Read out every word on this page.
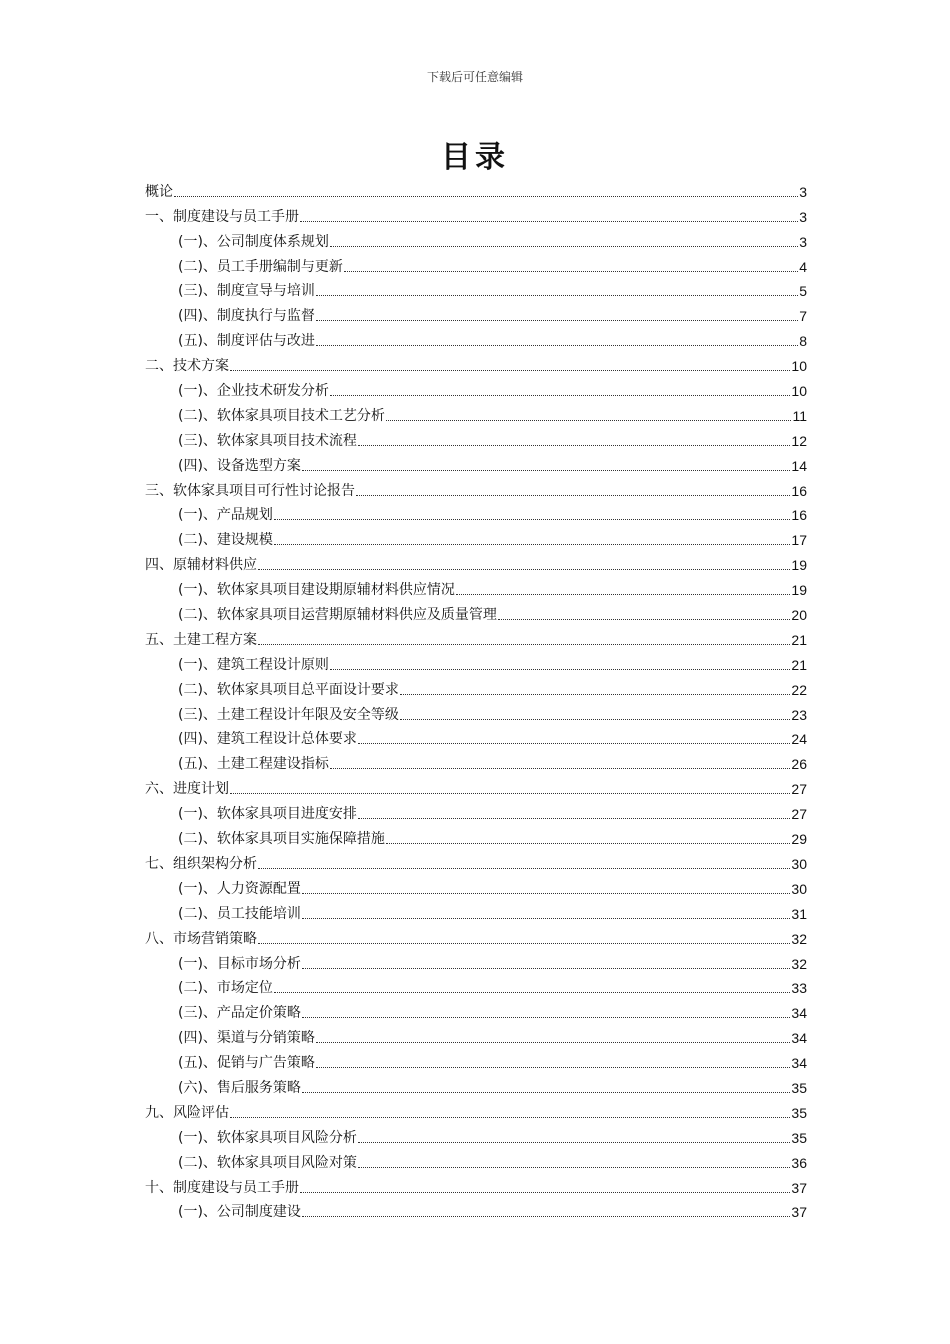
下载后可任意编辑
目录
概论	3
一、制度建设与员工手册	3
(一)、公司制度体系规划	3
(二)、员工手册编制与更新	4
(三)、制度宣导与培训	5
(四)、制度执行与监督	7
(五)、制度评估与改进	8
二、技术方案	10
(一)、企业技术研发分析	10
(二)、软体家具项目技术工艺分析	11
(三)、软体家具项目技术流程	12
(四)、设备选型方案	14
三、软体家具项目可行性讨论报告	16
(一)、产品规划	16
(二)、建设规模	17
四、原辅材料供应	19
(一)、软体家具项目建设期原辅材料供应情况	19
(二)、软体家具项目运营期原辅材料供应及质量管理	20
五、土建工程方案	21
(一)、建筑工程设计原则	21
(二)、软体家具项目总平面设计要求	22
(三)、土建工程设计年限及安全等级	23
(四)、建筑工程设计总体要求	24
(五)、土建工程建设指标	26
六、进度计划	27
(一)、软体家具项目进度安排	27
(二)、软体家具项目实施保障措施	29
七、组织架构分析	30
(一)、人力资源配置	30
(二)、员工技能培训	31
八、市场营销策略	32
(一)、目标市场分析	32
(二)、市场定位	33
(三)、产品定价策略	34
(四)、渠道与分销策略	34
(五)、促销与广告策略	34
(六)、售后服务策略	35
九、风险评估	35
(一)、软体家具项目风险分析	35
(二)、软体家具项目风险对策	36
十、制度建设与员工手册	37
(一)、公司制度建设	37
